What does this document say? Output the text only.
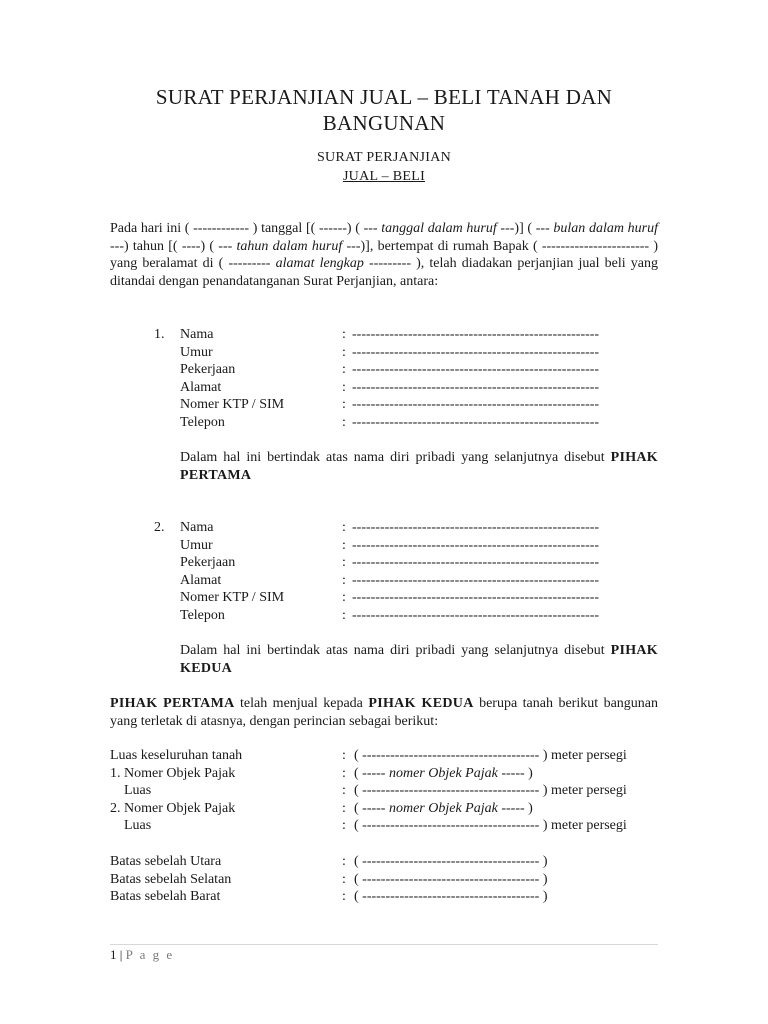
SURAT PERJANJIAN JUAL – BELI TANAH DAN
BANGUNAN
SURAT PERJANJIAN
JUAL – BELI
Pada hari ini ( ------------ ) tanggal [( ------) ( --- tanggal dalam huruf ---)] ( --- bulan dalam huruf ---) tahun [( ----) ( --- tahun dalam huruf ---)], bertempat di rumah Bapak ( ----------------------- ) yang beralamat di ( --------- alamat lengkap --------- ), telah diadakan perjanjian jual beli yang ditandai dengan penandatanganan Surat Perjanjian, antara:
1. Nama	: -----------------------------------------------------
Umur	: -----------------------------------------------------
Pekerjaan	: -----------------------------------------------------
Alamat	: -----------------------------------------------------
Nomer KTP / SIM	: -----------------------------------------------------
Telepon	: -----------------------------------------------------
Dalam hal ini bertindak atas nama diri pribadi yang selanjutnya disebut PIHAK PERTAMA
2. Nama	: -----------------------------------------------------
Umur	: -----------------------------------------------------
Pekerjaan	: -----------------------------------------------------
Alamat	: -----------------------------------------------------
Nomer KTP / SIM	: -----------------------------------------------------
Telepon	: -----------------------------------------------------
Dalam hal ini bertindak atas nama diri pribadi yang selanjutnya disebut PIHAK KEDUA
PIHAK PERTAMA telah menjual kepada PIHAK KEDUA berupa tanah berikut bangunan yang terletak di atasnya, dengan perincian sebagai berikut:
Luas keseluruhan tanah	: ( -------------------------------------- ) meter persegi
1. Nomer Objek Pajak	: ( ----- nomer Objek Pajak ----- )
Luas	: ( -------------------------------------- ) meter persegi
2. Nomer Objek Pajak	: ( ----- nomer Objek Pajak ----- )
Luas	: ( -------------------------------------- ) meter persegi
Batas sebelah Utara	: ( -------------------------------------- )
Batas sebelah Selatan	: ( -------------------------------------- )
Batas sebelah Barat	: ( -------------------------------------- )
1 | P a g e
